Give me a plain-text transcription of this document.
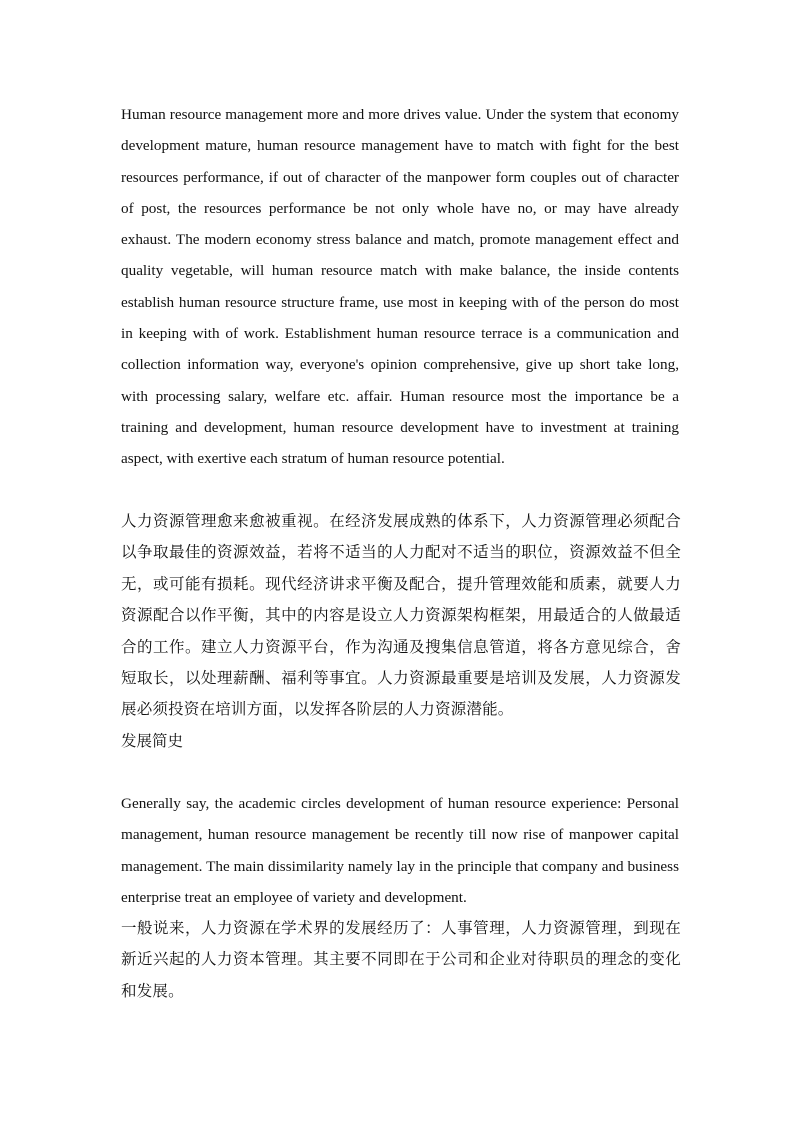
Human resource management more and more drives value. Under the system that economy development mature, human resource management have to match with fight for the best resources performance, if out of character of the manpower form couples out of character of post, the resources performance be not only whole have no, or may have already exhaust. The modern economy stress balance and match, promote management effect and quality vegetable, will human resource match with make balance, the inside contents establish human resource structure frame, use most in keeping with of the person do most in keeping with of work. Establishment human resource terrace is a communication and collection information way, everyone's opinion comprehensive, give up short take long, with processing salary, welfare etc. affair. Human resource most the importance be a training and development, human resource development have to investment at training aspect, with exertive each stratum of human resource potential.

人力资源管理愈来愈被重视。在经济发展成熟的体系下，人力资源管理必须配合以争取最佳的资源效益，若将不适当的人力配对不适当的职位，资源效益不但全无，或可能有损耗。现代经济讲求平衡及配合，提升管理效能和质素，就要人力资源配合以作平衡，其中的内容是设立人力资源架构框架，用最适合的人做最适合的工作。建立人力资源平台，作为沟通及搜集信息管道，将各方意见综合，舍短取长，以处理薪酬、福利等事宜。人力资源最重要是培训及发展，人力资源发展必须投资在培训方面，以发挥各阶层的人力资源潜能。

发展简史

Generally say, the academic circles development of human resource experience: Personal management, human resource management be recently till now rise of manpower capital management. The main dissimilarity namely lay in the principle that company and business enterprise treat an employee of variety and development.

一般说来，人力资源在学术界的发展经历了：人事管理，人力资源管理，到现在新近兴起的人力资本管理。其主要不同即在于公司和企业对待职员的理念的变化和发展。
